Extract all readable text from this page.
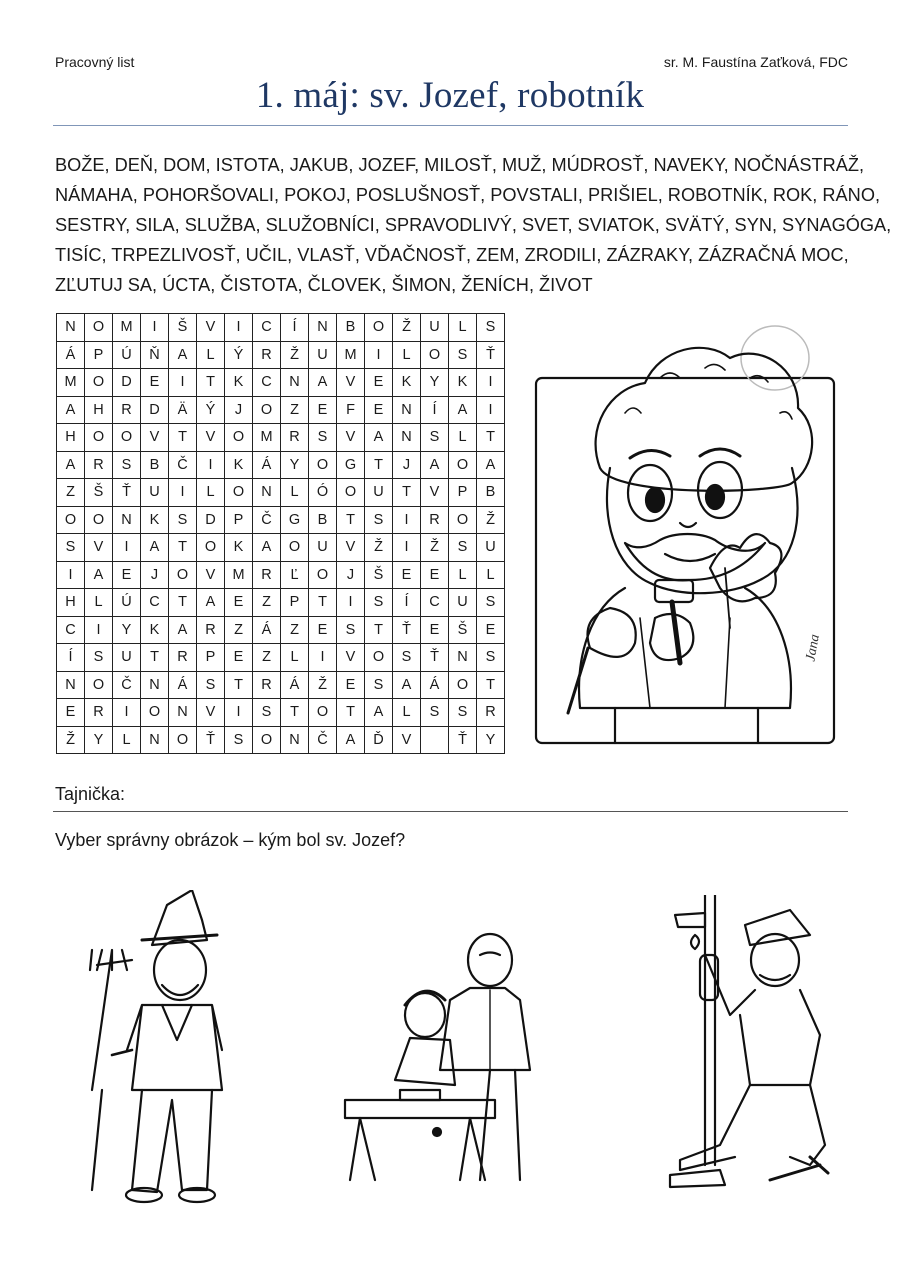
Pracovný list	sr. M. Faustína Zaťková, FDC
1. máj: sv. Jozef, robotník
BOŽE, DEŇ, DOM, ISTOTA, JAKUB, JOZEF, MILOSŤ, MUŽ, MÚDROSŤ, NAVEKY, NOČNÁSTRÁŽ,
NÁMAHA, POHORŠOVALI, POKOJ, POSLUŠNOSŤ, POVSTALI, PRIŠIEL, ROBOTNÍK, ROK, RÁNO,
SESTRY, SILA, SLUŽBA, SLUŽOBNÍCI, SPRAVODLIVÝ, SVET, SVIATOK, SVÄTÝ, SYN, SYNAGÓGA,
TISÍC, TRPEZLIVOSŤ, UČIL, VLASŤ, VĎAČNOSŤ, ZEM, ZRODILI, ZÁZRAKY, ZÁZRAČNÁ MOC,
ZĽUTUJ SA, ÚCTA, ČISTOTA, ČLOVEK, ŠIMON, ŽENÍCH, ŽIVOT
N	O	M	I	Š	V	I	C	Í	N	B	O	Ž	U	L	S
Á	P	Ú	Ň	A	L	Ý	R	Ž	U	M	I	L	O	S	Ť
M	O	D	E	I	T	K	C	N	A	V	E	K	Y	K	I
A	H	R	D	Ä	Ý	J	O	Z	E	F	E	N	Í	A	I
H	O	O	V	T	V	O	M	R	S	V	A	N	S	L	T
A	R	S	B	Č	I	K	Á	Y	O	G	T	J	A	O	A
Z	Š	Ť	U	I	L	O	N	L	Ó	O	U	T	V	P	B
O	O	N	K	S	D	P	Č	G	B	T	S	I	R	O	Ž
S	V	I	A	T	O	K	A	O	U	V	Ž	I	Ž	S	U
I	A	E	J	O	V	M	R	Ľ	O	J	Š	E	E	L	L
H	L	Ú	C	T	A	E	Z	P	T	I	S	Í	C	U	S
C	I	Y	K	A	R	Z	Á	Z	E	S	T	Ť	E	Š	E
Í	S	U	T	R	P	E	Z	L	I	V	O	S	Ť	N	S
N	O	Č	N	Á	S	T	R	Á	Ž	E	S	A	Á	O	T
E	R	I	O	N	V	I	S	T	O	T	A	L	S	S	R
Ž	Y	L	N	O	Ť	S	O	N	Č	A	Ď	V		Ť	Y
Jana
Tajnička:
Vyber správny obrázok – kým bol sv. Jozef?
